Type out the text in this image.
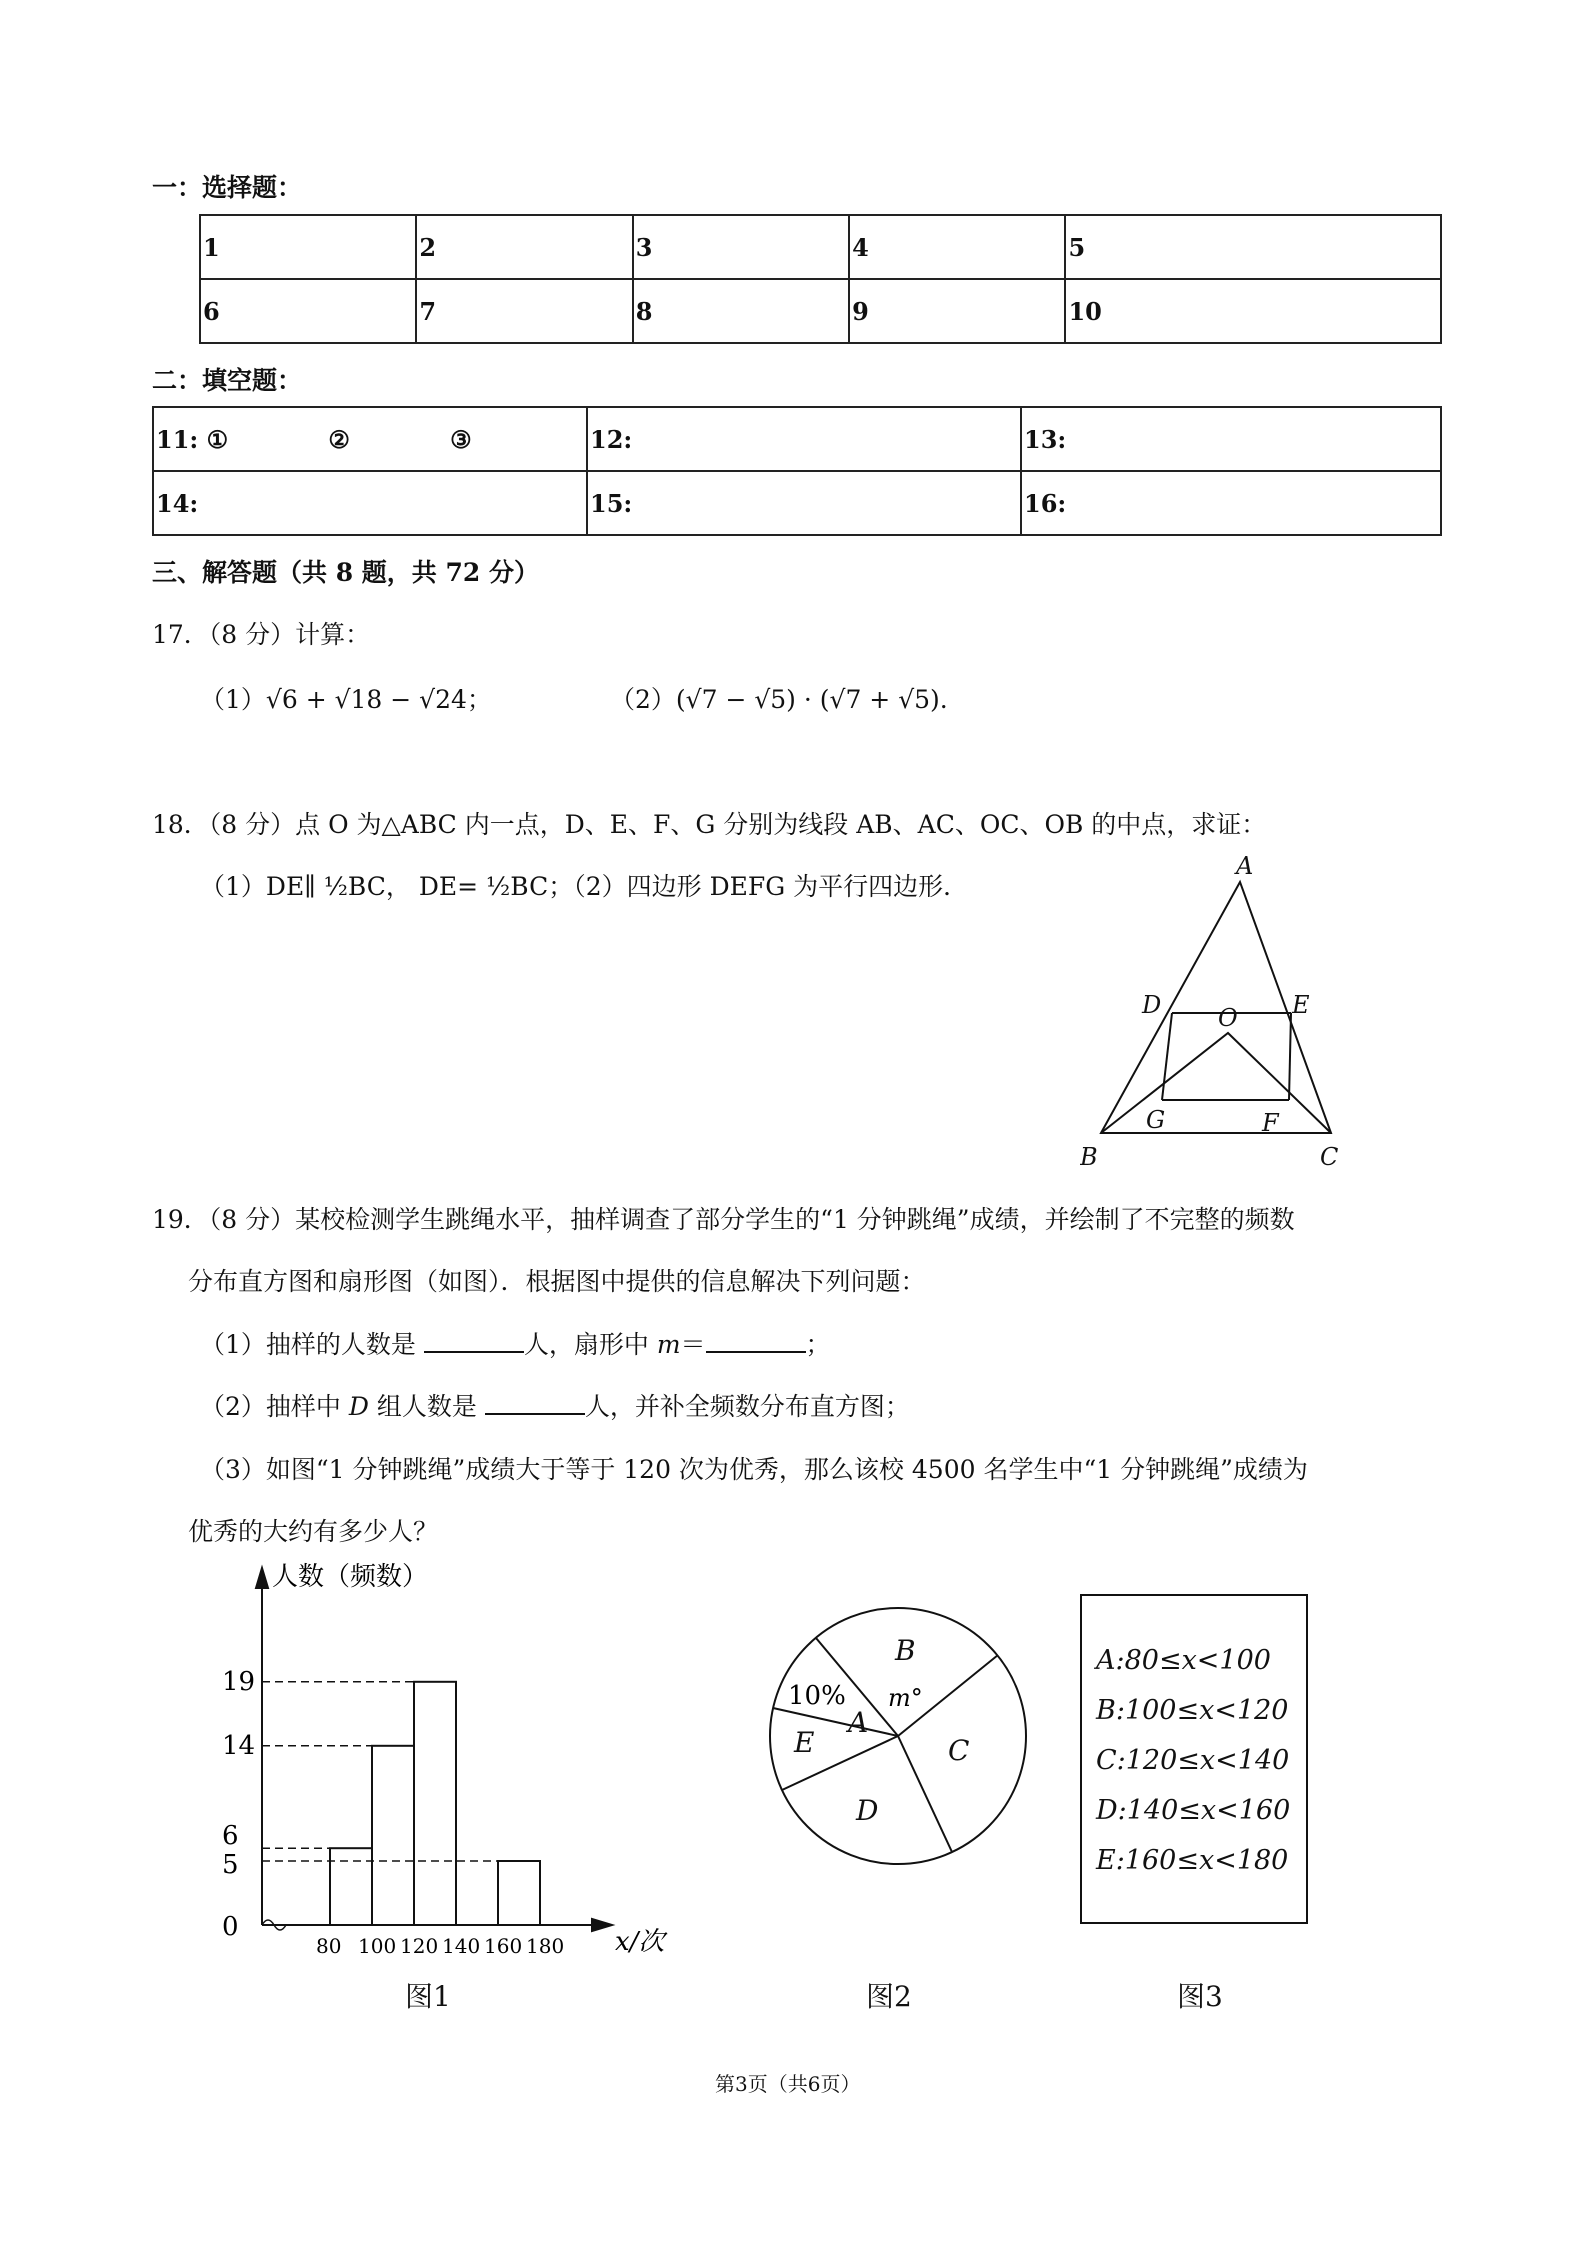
一：选择题：
1	2	3	4	5
6	7	8	9	10
二：填空题：
11: ①            ②            ③	12:	13:
14:	15:	16:
三、解答题（共 8 题，共 72 分）
17．（8 分）计算：
（1）√6 + √18 − √24；	（2）(√7 − √5) · (√7 + √5).
18．（8 分）点 O 为△ABC 内一点，D、E、F、G 分别为线段 AB、AC、OC、OB 的中点，求证：
（1）DE∥ ½BC， DE= ½BC；（2）四边形 DEFG 为平行四边形．
A
B	C
D	E
F
G
O
19．（8 分）某校检测学生跳绳水平，抽样调查了部分学生的“1 分钟跳绳”成绩，并绘制了不完整的频数
分布直方图和扇形图（如图）．根据图中提供的信息解决下列问题：
（1）抽样的人数是	人，扇形中 m＝	；
（2）抽样中 D 组人数是	人，并补全频数分布直方图；
（3）如图“1 分钟跳绳”成绩大于等于 120 次为优秀，那么该校 4500 名学生中“1 分钟跳绳”成绩为
优秀的大约有多少人？
人数（频数）
x/次
0
5
6
14
19
80 100 120 140 160 180
图1
A
B
C
D
E
10% m°
图2
A:80≤x<100
B:100≤x<120
C:120≤x<140
D:140≤x<160
E:160≤x<180
图3
第3页（共6页）
